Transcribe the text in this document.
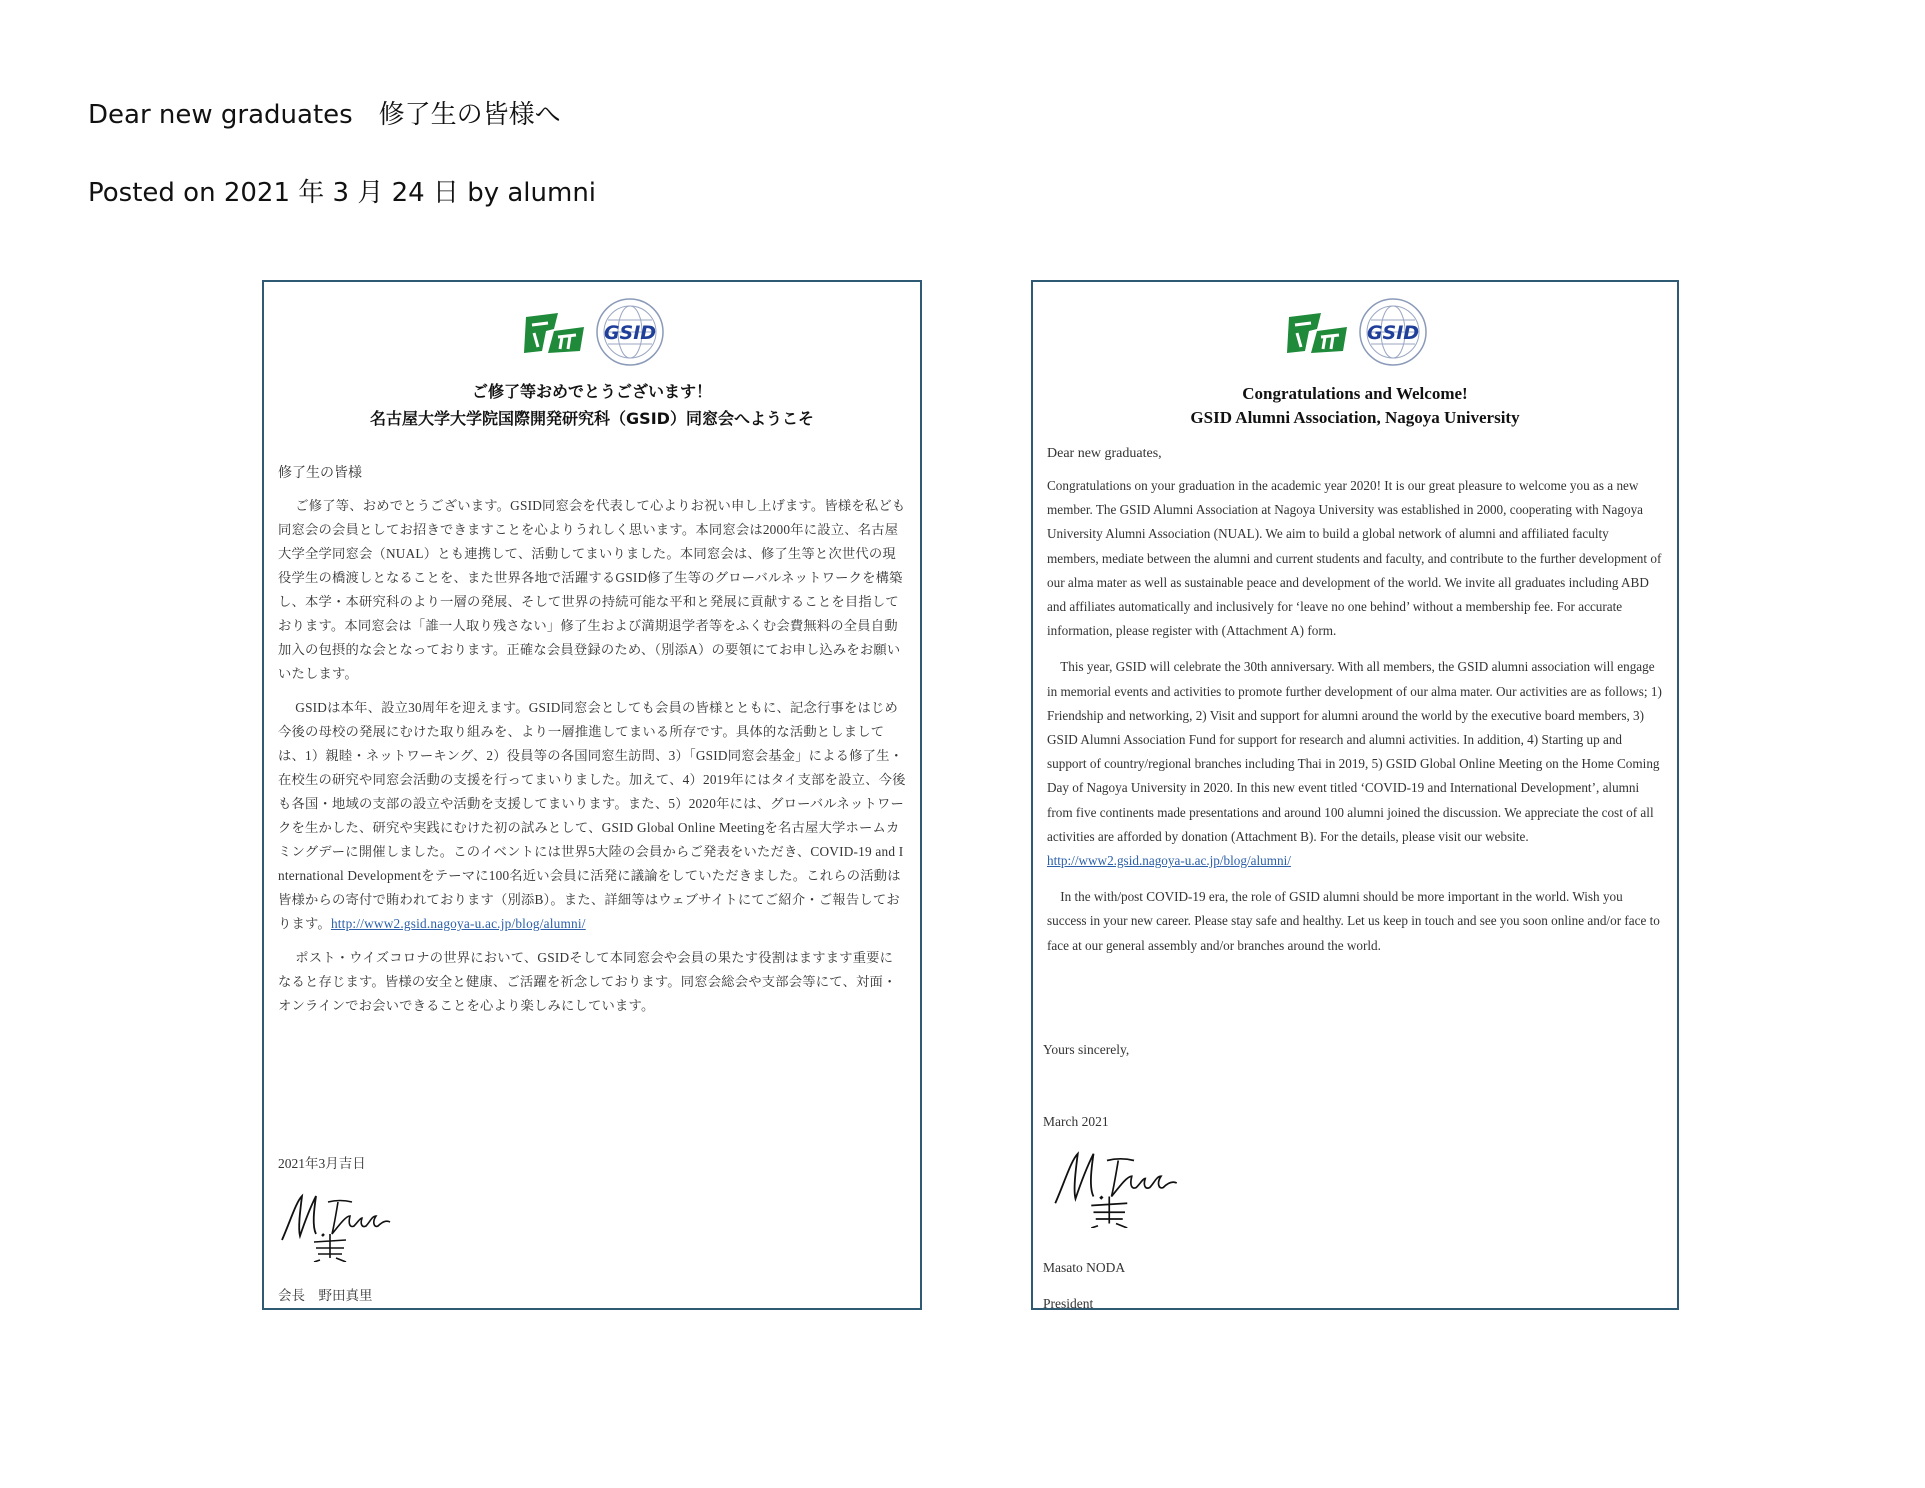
Dear new graduates　修了生の皆様へ

Posted on 2021 年 3 月 24 日 by alumni

GSID
ご修了等おめでとうございます！
名古屋大学大学院国際開発研究科（GSID）同窓会へようこそ
修了生の皆様

ご修了等、おめでとうございます。GSID同窓会を代表して心よりお祝い申し上げます。皆様を私ども同窓会の会員としてお招きできますことを心よりうれしく思います。本同窓会は2000年に設立、名古屋大学全学同窓会（NUAL）とも連携して、活動してまいりました。本同窓会は、修了生等と次世代の現役学生の橋渡しとなることを、また世界各地で活躍するGSID修了生等のグローバルネットワークを構築し、本学・本研究科のより一層の発展、そして世界の持続可能な平和と発展に貢献することを目指しております。本同窓会は「誰一人取り残さない」修了生および満期退学者等をふくむ会費無料の全員自動加入の包摂的な会となっております。正確な会員登録のため、（別添A）の要領にてお申し込みをお願いいたします。

GSIDは本年、設立30周年を迎えます。GSID同窓会としても会員の皆様とともに、記念行事をはじめ今後の母校の発展にむけた取り組みを、より一層推進してまいる所存です。具体的な活動としましては、1）親睦・ネットワーキング、2）役員等の各国同窓生訪問、3）「GSID同窓会基金」による修了生・在校生の研究や同窓会活動の支援を行ってまいりました。加えて、4）2019年にはタイ支部を設立、今後も各国・地域の支部の設立や活動を支援してまいります。また、5）2020年には、グローバルネットワークを生かした、研究や実践にむけた初の試みとして、GSID Global Online Meetingを名古屋大学ホームカミングデーに開催しました。このイベントには世界5大陸の会員からご発表をいただき、COVID-19 and International Developmentをテーマに100名近い会員に活発に議論をしていただきました。これらの活動は皆様からの寄付で賄われております（別添B）。また、詳細等はウェブサイトにてご紹介・ご報告しております。http://www2.gsid.nagoya-u.ac.jp/blog/alumni/

ポスト・ウイズコロナの世界において、GSIDそして本同窓会や会員の果たす役割はますます重要になると存じます。皆様の安全と健康、ご活躍を祈念しております。同窓会総会や支部会等にて、対面・オンラインでお会いできることを心より楽しみにしています。

2021年3月吉日
会長　野田真里
GSID
Congratulations and Welcome!
GSID Alumni Association, Nagoya University
Dear new graduates,

Congratulations on your graduation in the academic year 2020! It is our great pleasure to welcome you as a new member. The GSID Alumni Association at Nagoya University was established in 2000, cooperating with Nagoya University Alumni Association (NUAL). We aim to build a global network of alumni and affiliated faculty members, mediate between the alumni and current students and faculty, and contribute to the further development of our alma mater as well as sustainable peace and development of the world. We invite all graduates including ABD and affiliates automatically and inclusively for ‘leave no one behind’ without a membership fee. For accurate information, please register with (Attachment A) form.

This year, GSID will celebrate the 30th anniversary. With all members, the GSID alumni association will engage in memorial events and activities to promote further development of our alma mater. Our activities are as follows; 1) Friendship and networking, 2) Visit and support for alumni around the world by the executive board members, 3) GSID Alumni Association Fund for support for research and alumni activities. In addition, 4) Starting up and support of country/regional branches including Thai in 2019, 5) GSID Global Online Meeting on the Home Coming Day of Nagoya University in 2020. In this new event titled ‘COVID-19 and International Development’, alumni from five continents made presentations and around 100 alumni joined the discussion. We appreciate the cost of all activities are afforded by donation (Attachment B). For the details, please visit our website. http://www2.gsid.nagoya-u.ac.jp/blog/alumni/

In the with/post COVID-19 era, the role of GSID alumni should be more important in the world. Wish you success in your new career. Please stay safe and healthy. Let us keep in touch and see you soon online and/or face to face at our general assembly and/or branches around the world.

Yours sincerely,
March 2021
Masato NODA
President
